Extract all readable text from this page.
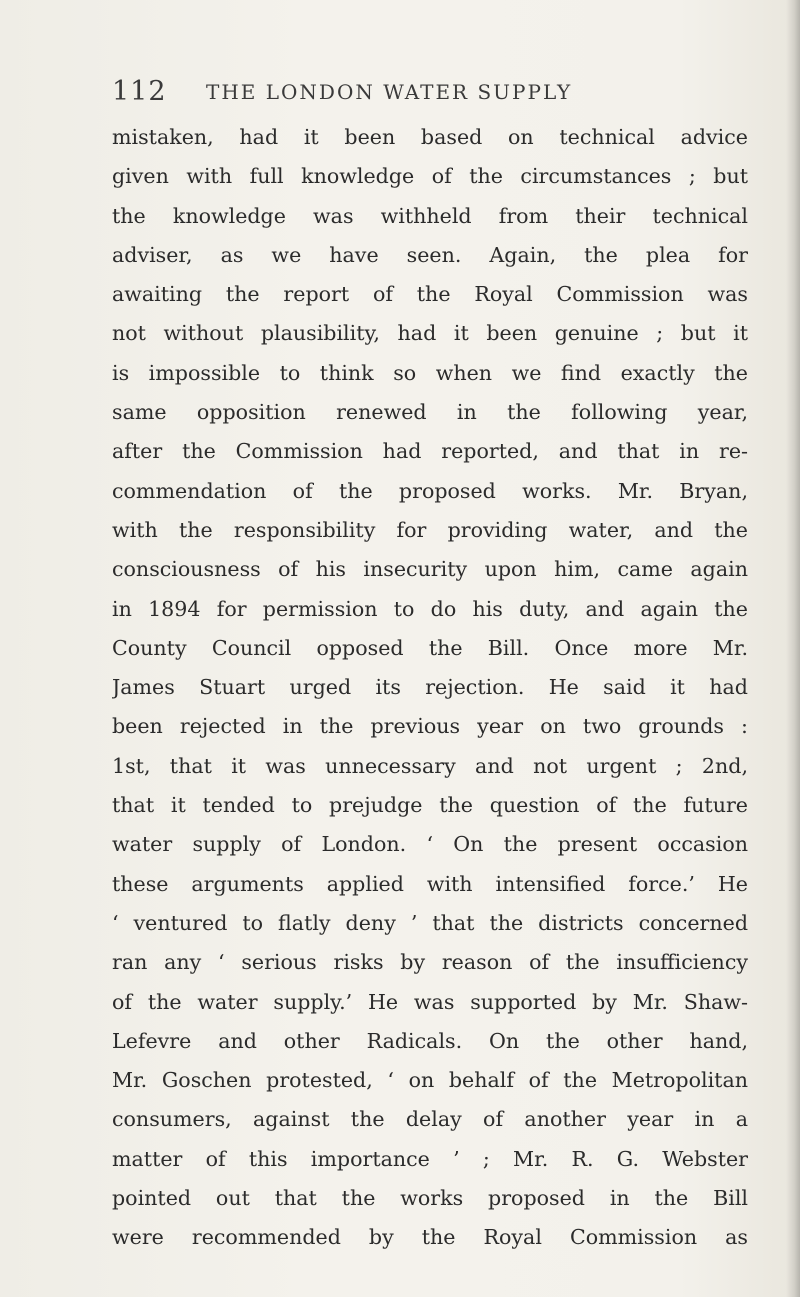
112 THE LONDON WATER SUPPLY
mistaken, had it been based on technical advice
given with full knowledge of the circumstances ; but
the knowledge was withheld from their technical
adviser, as we have seen. Again, the plea for
awaiting the report of the Royal Commission was
not without plausibility, had it been genuine ; but it
is impossible to think so when we find exactly the
same opposition renewed in the following year,
after the Commission had reported, and that in re-
commendation of the proposed works. Mr. Bryan,
with the responsibility for providing water, and the
consciousness of his insecurity upon him, came again
in 1894 for permission to do his duty, and again the
County Council opposed the Bill. Once more Mr.
James Stuart urged its rejection. He said it had
been rejected in the previous year on two grounds :
1st, that it was unnecessary and not urgent ; 2nd,
that it tended to prejudge the question of the future
water supply of London. ‘ On the present occasion
these arguments applied with intensified force.’ He
‘ ventured to flatly deny ’ that the districts concerned
ran any ‘ serious risks by reason of the insufficiency
of the water supply.’ He was supported by Mr. Shaw-
Lefevre and other Radicals. On the other hand,
Mr. Goschen protested, ‘ on behalf of the Metropolitan
consumers, against the delay of another year in a
matter of this importance ’ ; Mr. R. G. Webster
pointed out that the works proposed in the Bill
were recommended by the Royal Commission as
